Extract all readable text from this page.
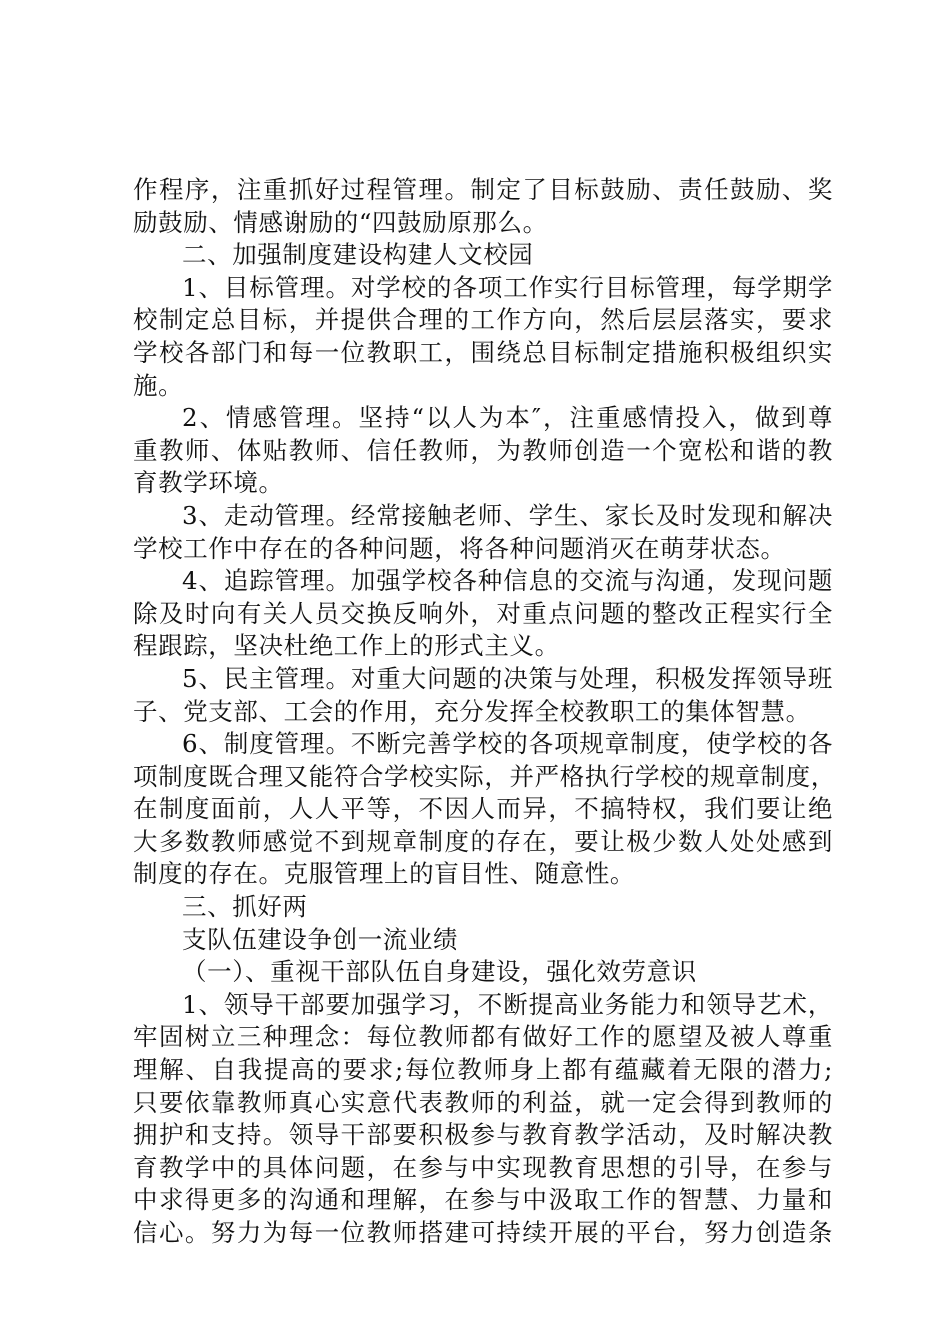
作程序，注重抓好过程管理。制定了目标鼓励、责任鼓励、奖
励鼓励、情感谢励的“四鼓励原那么。
二、加强制度建设构建人文校园
1、目标管理。对学校的各项工作实行目标管理，每学期学
校制定总目标，并提供合理的工作方向，然后层层落实，要求
学校各部门和每一位教职工，围绕总目标制定措施积极组织实
施。
2、情感管理。坚持“以人为本″，注重感情投入，做到尊
重教师、体贴教师、信任教师，为教师创造一个宽松和谐的教
育教学环境。
3、走动管理。经常接触老师、学生、家长及时发现和解决
学校工作中存在的各种问题，将各种问题消灭在萌芽状态。
4、追踪管理。加强学校各种信息的交流与沟通，发现问题
除及时向有关人员交换反响外，对重点问题的整改正程实行全
程跟踪，坚决杜绝工作上的形式主义。
5、民主管理。对重大问题的决策与处理，积极发挥领导班
子、党支部、工会的作用，充分发挥全校教职工的集体智慧。
6、制度管理。不断完善学校的各项规章制度，使学校的各
项制度既合理又能符合学校实际，并严格执行学校的规章制度，
在制度面前，人人平等，不因人而异，不搞特权，我们要让绝
大多数教师感觉不到规章制度的存在，要让极少数人处处感到
制度的存在。克服管理上的盲目性、随意性。
三、抓好两
支队伍建设争创一流业绩
（一）、重视干部队伍自身建设，强化效劳意识
1、领导干部要加强学习，不断提高业务能力和领导艺术，
牢固树立三种理念：每位教师都有做好工作的愿望及被人尊重
理解、自我提高的要求;每位教师身上都有蕴藏着无限的潜力;
只要依靠教师真心实意代表教师的利益，就一定会得到教师的
拥护和支持。领导干部要积极参与教育教学活动，及时解决教
育教学中的具体问题，在参与中实现教育思想的引导，在参与
中求得更多的沟通和理解，在参与中汲取工作的智慧、力量和
信心。努力为每一位教师搭建可持续开展的平台，努力创造条
